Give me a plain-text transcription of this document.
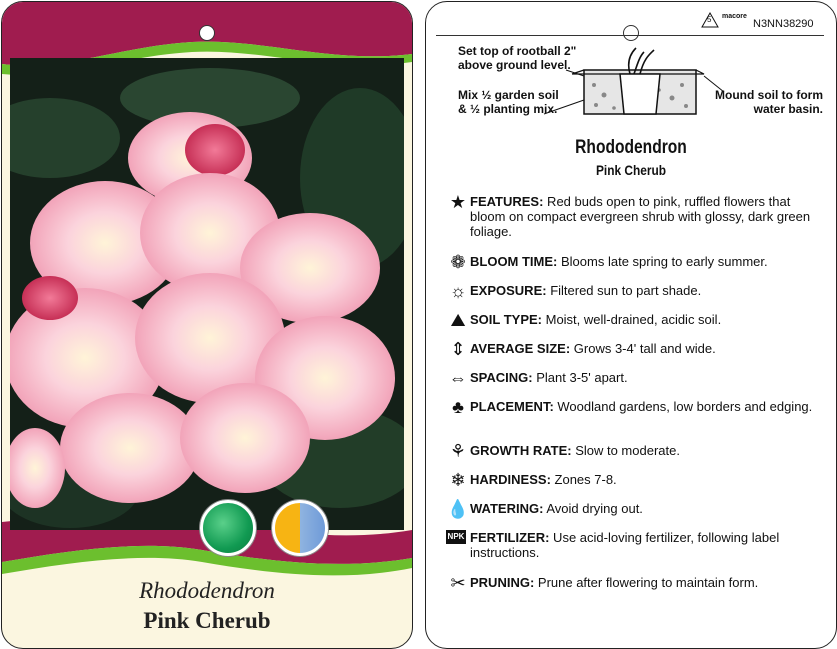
Rhododendron
Pink Cherub
5 macore
N3NN38290
Set top of rootball 2" above ground level.
Mix ½ garden soil & ½ planting mix.
Mound soil to form water basin.
Rhododendron
Pink Cherub
★ FEATURES: Red buds open to pink, ruffled flowers that bloom on compact evergreen shrub with glossy, dark green foliage.
❁ BLOOM TIME: Blooms late spring to early summer.
☼ EXPOSURE: Filtered sun to part shade.
⛰ SOIL TYPE: Moist, well-drained, acidic soil.
⇕ AVERAGE SIZE: Grows 3-4' tall and wide.
⇔ SPACING: Plant 3-5' apart.
♣ PLACEMENT: Woodland gardens, low borders and edging.
⚘ GROWTH RATE: Slow to moderate.
❄ HARDINESS: Zones 7-8.
💧 WATERING: Avoid drying out.
NPK FERTILIZER: Use acid-loving fertilizer, following label instructions.
✂ PRUNING: Prune after flowering to maintain form.
